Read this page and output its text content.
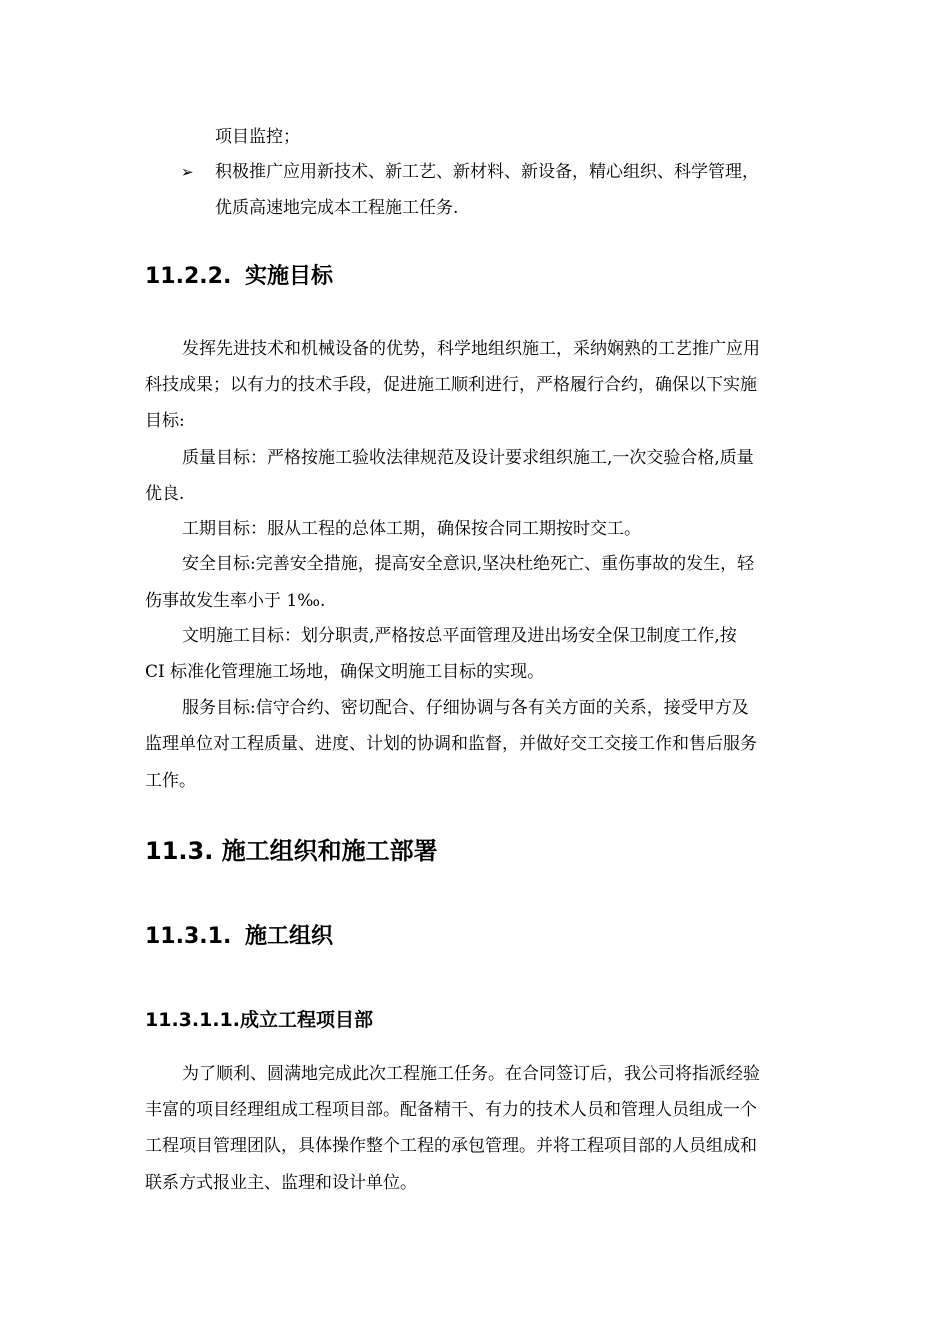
项目监控；
➢ 积极推广应用新技术、新工艺、新材料、新设备，精心组织、科学管理，
优质高速地完成本工程施工任务.
11.2.2. 实施目标
发挥先进技术和机械设备的优势，科学地组织施工，采纳娴熟的工艺推广应用
科技成果；以有力的技术手段，促进施工顺利进行，严格履行合约，确保以下实施
目标:
质量目标：严格按施工验收法律规范及设计要求组织施工,一次交验合格,质量
优良.
工期目标：服从工程的总体工期，确保按合同工期按时交工。
安全目标:完善安全措施，提高安全意识,坚决杜绝死亡、重伤事故的发生，轻
伤事故发生率小于 1‰.
文明施工目标：划分职责,严格按总平面管理及进出场安全保卫制度工作,按
CI 标准化管理施工场地，确保文明施工目标的实现。
服务目标:信守合约、密切配合、仔细协调与各有关方面的关系，接受甲方及
监理单位对工程质量、进度、计划的协调和监督，并做好交工交接工作和售后服务
工作。
11.3. 施工组织和施工部署
11.3.1. 施工组织
11.3.1.1.成立工程项目部
为了顺利、圆满地完成此次工程施工任务。在合同签订后，我公司将指派经验
丰富的项目经理组成工程项目部。配备精干、有力的技术人员和管理人员组成一个
工程项目管理团队，具体操作整个工程的承包管理。并将工程项目部的人员组成和
联系方式报业主、监理和设计单位。
